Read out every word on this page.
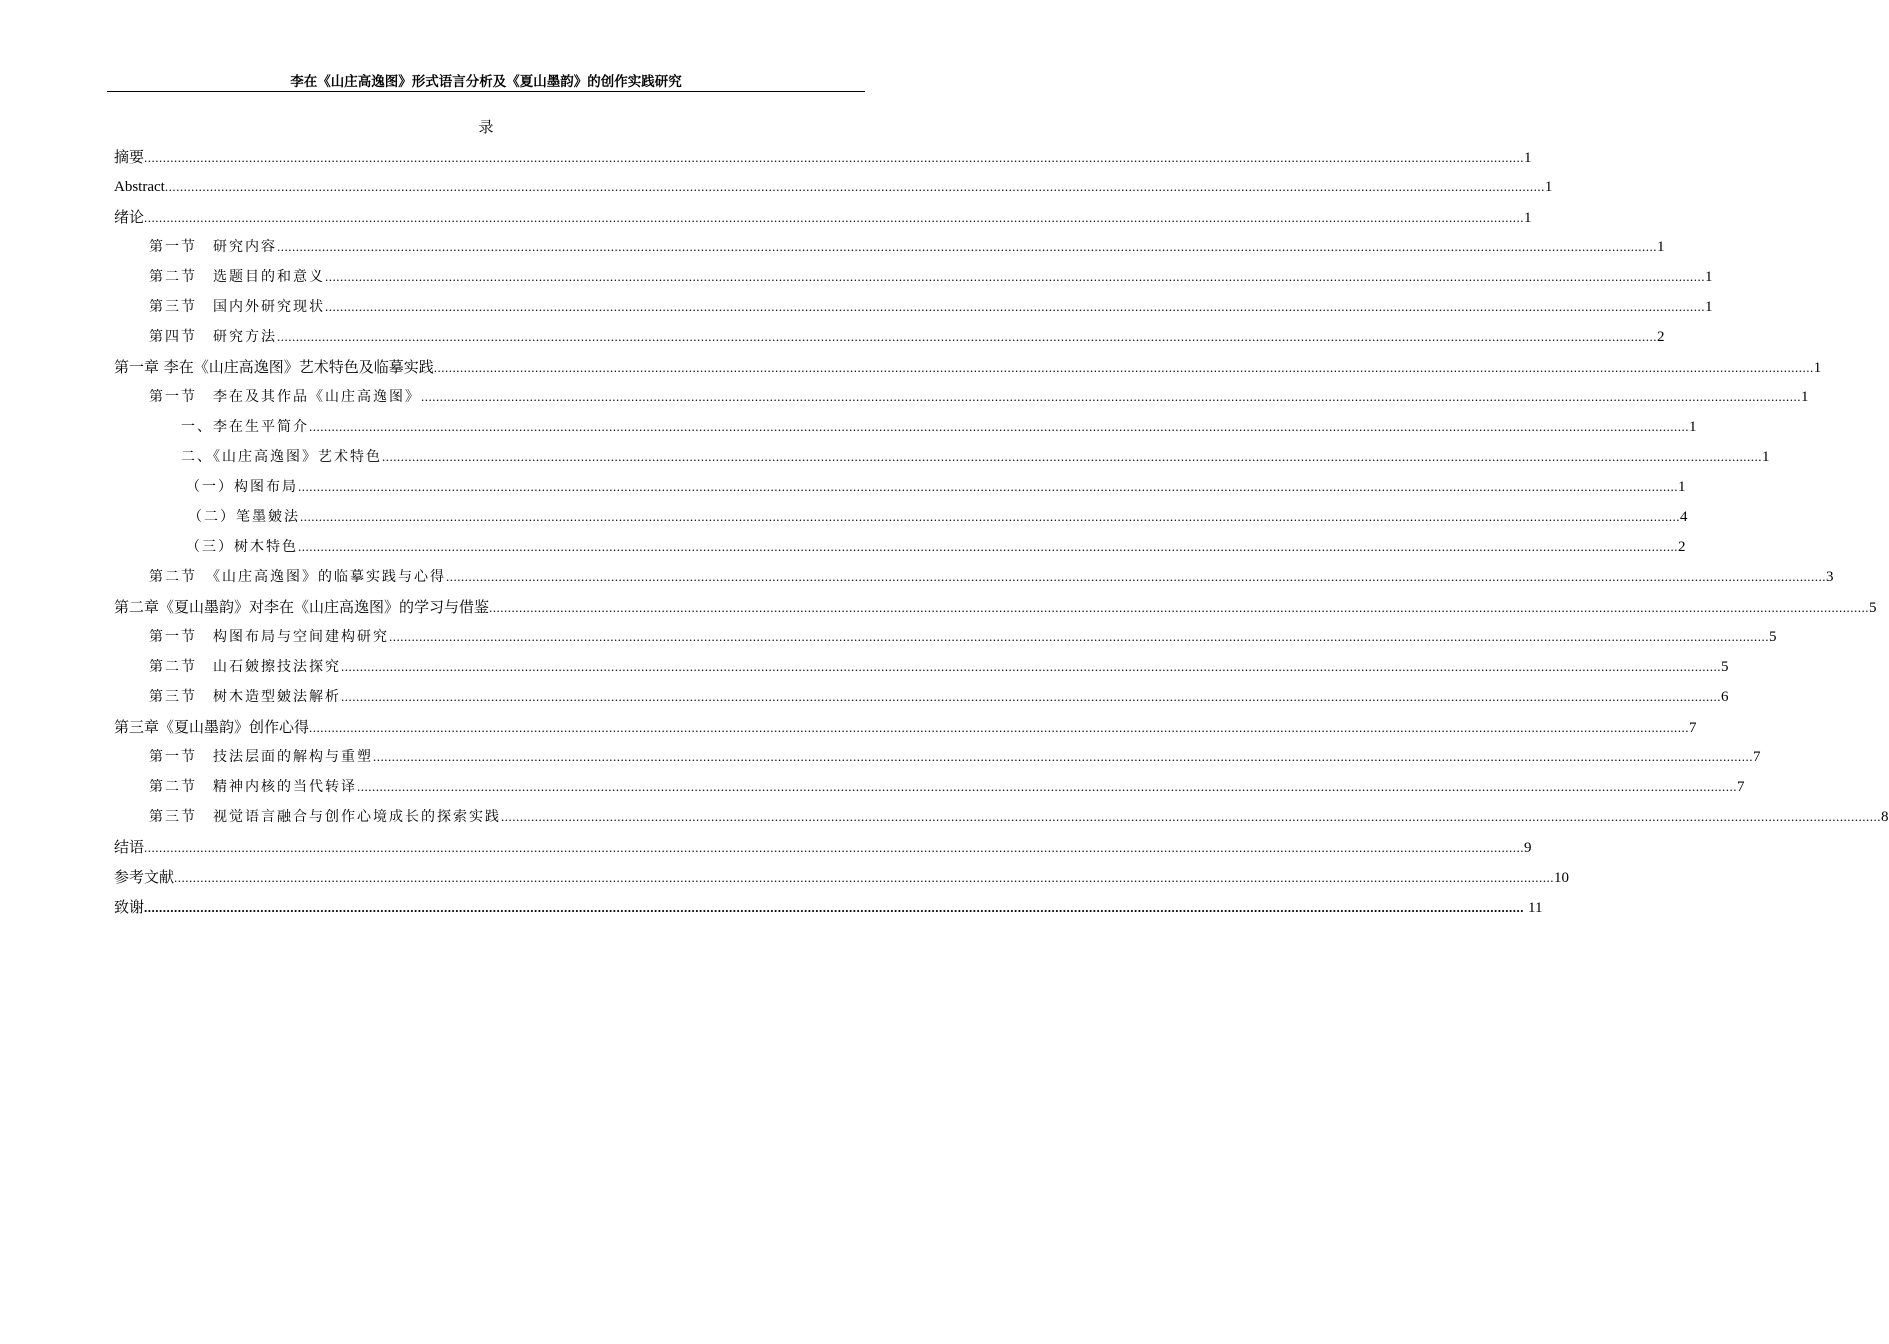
李在《山庄高逸图》形式语言分析及《夏山墨韵》的创作实践研究
录
摘要 ................................................................................................................................................................................................................................................................................................................................................................................ 1
Abstract ................................................................................................................................................................................................................................................................................................................................................................................ 1
绪论 ................................................................................................................................................................................................................................................................................................................................................................................ 1
第一节　研究内容 ................................................................................................................................................................................................................................................................................................................................................................................ 1
第二节　选题目的和意义 ................................................................................................................................................................................................................................................................................................................................................................................ 1
第三节　国内外研究现状 ................................................................................................................................................................................................................................................................................................................................................................................ 1
第四节　研究方法 ................................................................................................................................................................................................................................................................................................................................................................................ 2
第一章 李在《山庄高逸图》艺术特色及临摹实践 ................................................................................................................................................................................................................................................................................................................................................................................ 1
第一节　李在及其作品《山庄高逸图》 ................................................................................................................................................................................................................................................................................................................................................................................ 1
一、李在生平简介 ................................................................................................................................................................................................................................................................................................................................................................................ 1
二、《山庄高逸图》艺术特色 ................................................................................................................................................................................................................................................................................................................................................................................ 1
（一）构图布局 ................................................................................................................................................................................................................................................................................................................................................................................ 1
（二）笔墨皴法 ................................................................................................................................................................................................................................................................................................................................................................................ 4
（三）树木特色 ................................................................................................................................................................................................................................................................................................................................................................................ 2
第二节　《山庄高逸图》的临摹实践与心得 ................................................................................................................................................................................................................................................................................................................................................................................ 3
第二章《夏山墨韵》对李在《山庄高逸图》的学习与借鉴 ................................................................................................................................................................................................................................................................................................................................................................................ 5
第一节　构图布局与空间建构研究 ................................................................................................................................................................................................................................................................................................................................................................................ 5
第二节　山石皴擦技法探究 ................................................................................................................................................................................................................................................................................................................................................................................ 5
第三节　树木造型皴法解析 ................................................................................................................................................................................................................................................................................................................................................................................ 6
第三章《夏山墨韵》创作心得 ................................................................................................................................................................................................................................................................................................................................................................................ 7
第一节　技法层面的解构与重塑 ................................................................................................................................................................................................................................................................................................................................................................................ 7
第二节　精神内核的当代转译 ................................................................................................................................................................................................................................................................................................................................................................................ 7
第三节　视觉语言融合与创作心境成长的探索实践 ................................................................................................................................................................................................................................................................................................................................................................................ 8
结语 ................................................................................................................................................................................................................................................................................................................................................................................ 9
参考文献 ................................................................................................................................................................................................................................................................................................................................................................................ 10
致谢 ................................................................................................................................................................................................................................................................................................................................................................................ 11
